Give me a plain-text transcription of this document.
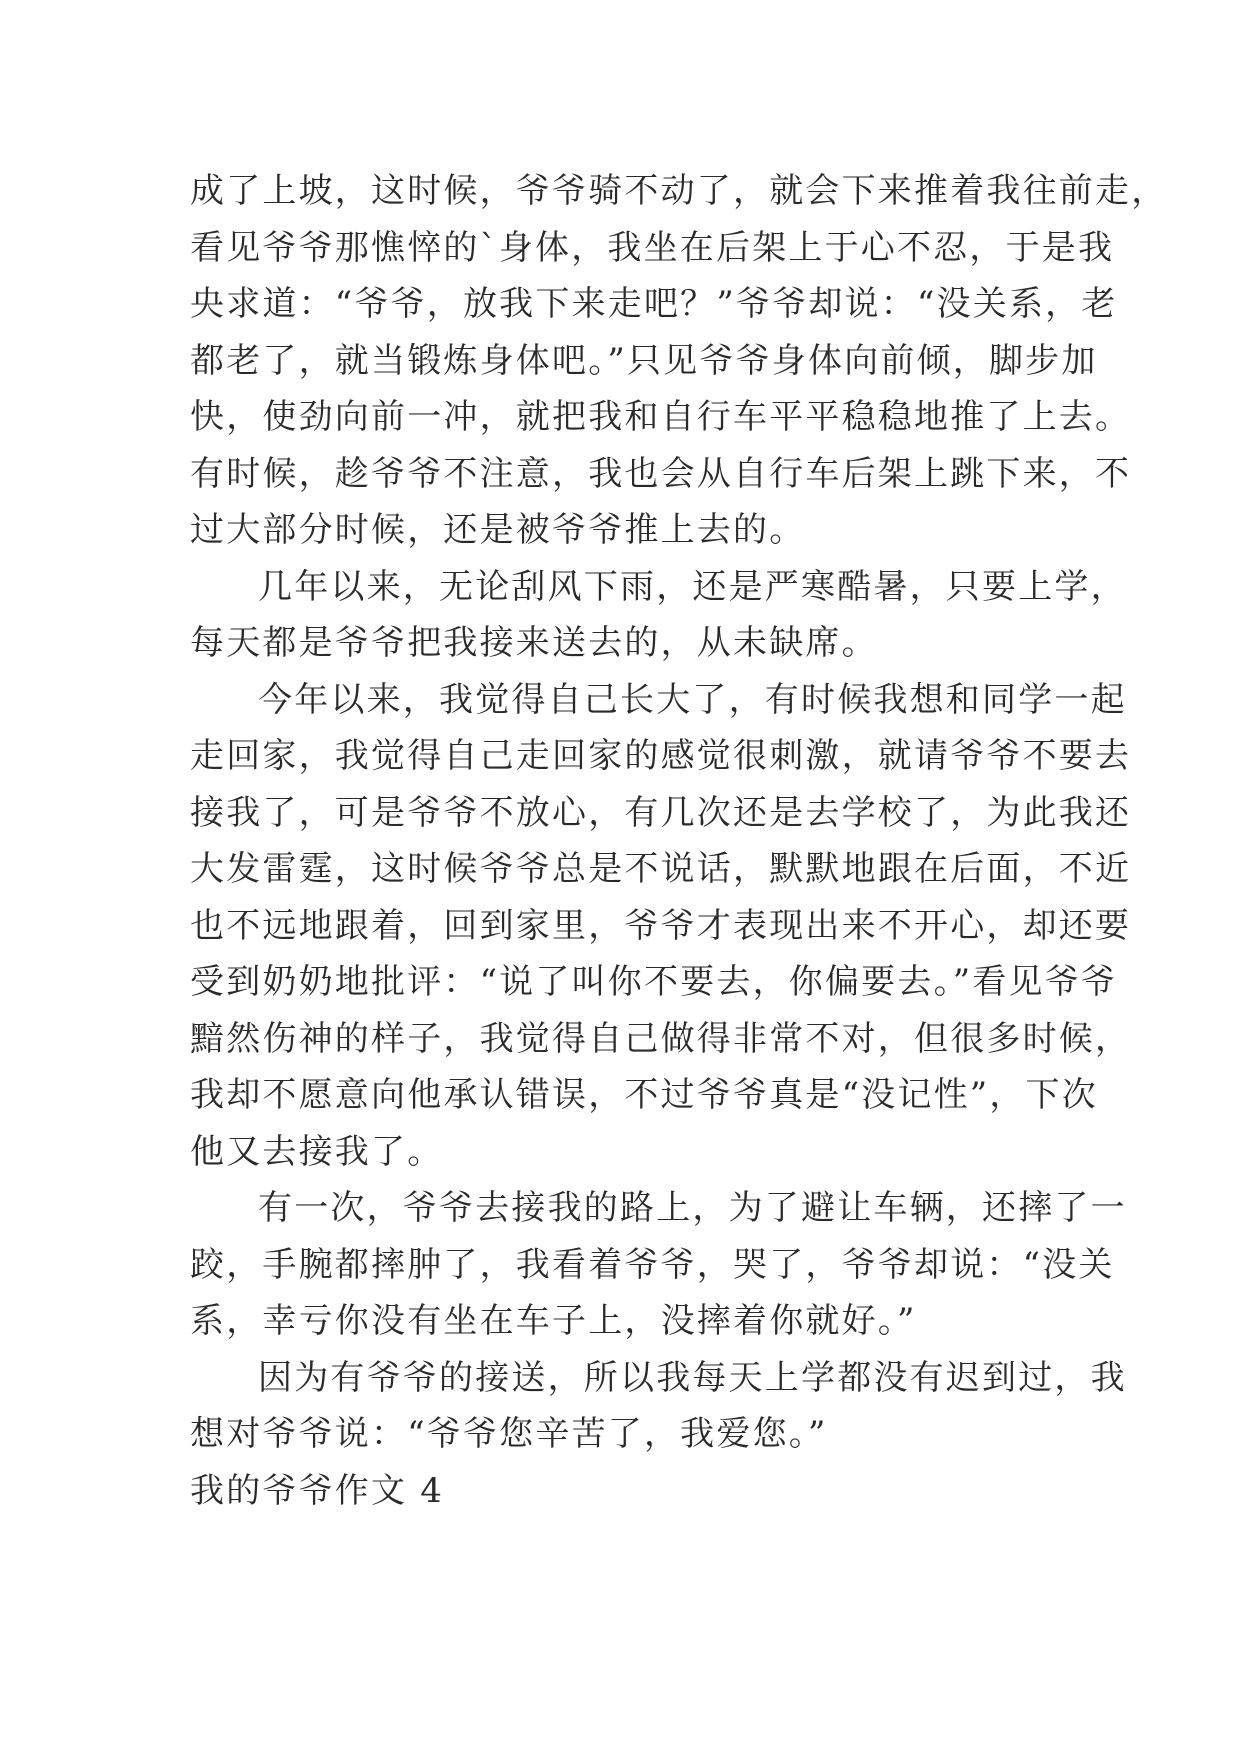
成了上坡，这时候，爷爷骑不动了，就会下来推着我往前走，
看见爷爷那憔悴的`身体，我坐在后架上于心不忍，于是我
央求道：“爷爷，放我下来走吧？”爷爷却说：“没关系，老
都老了，就当锻炼身体吧。”只见爷爷身体向前倾，脚步加
快，使劲向前一冲，就把我和自行车平平稳稳地推了上去。
有时候，趁爷爷不注意，我也会从自行车后架上跳下来，不
过大部分时候，还是被爷爷推上去的。
几年以来，无论刮风下雨，还是严寒酷暑，只要上学，
每天都是爷爷把我接来送去的，从未缺席。
今年以来，我觉得自己长大了，有时候我想和同学一起
走回家，我觉得自己走回家的感觉很刺激，就请爷爷不要去
接我了，可是爷爷不放心，有几次还是去学校了，为此我还
大发雷霆，这时候爷爷总是不说话，默默地跟在后面，不近
也不远地跟着，回到家里，爷爷才表现出来不开心，却还要
受到奶奶地批评：“说了叫你不要去，你偏要去。”看见爷爷
黯然伤神的样子，我觉得自己做得非常不对，但很多时候，
我却不愿意向他承认错误，不过爷爷真是“没记性”，下次
他又去接我了。
有一次，爷爷去接我的路上，为了避让车辆，还摔了一
跤，手腕都摔肿了，我看着爷爷，哭了，爷爷却说：“没关
系，幸亏你没有坐在车子上，没摔着你就好。”
因为有爷爷的接送，所以我每天上学都没有迟到过，我
想对爷爷说：“爷爷您辛苦了，我爱您。”
我的爷爷作文 4
